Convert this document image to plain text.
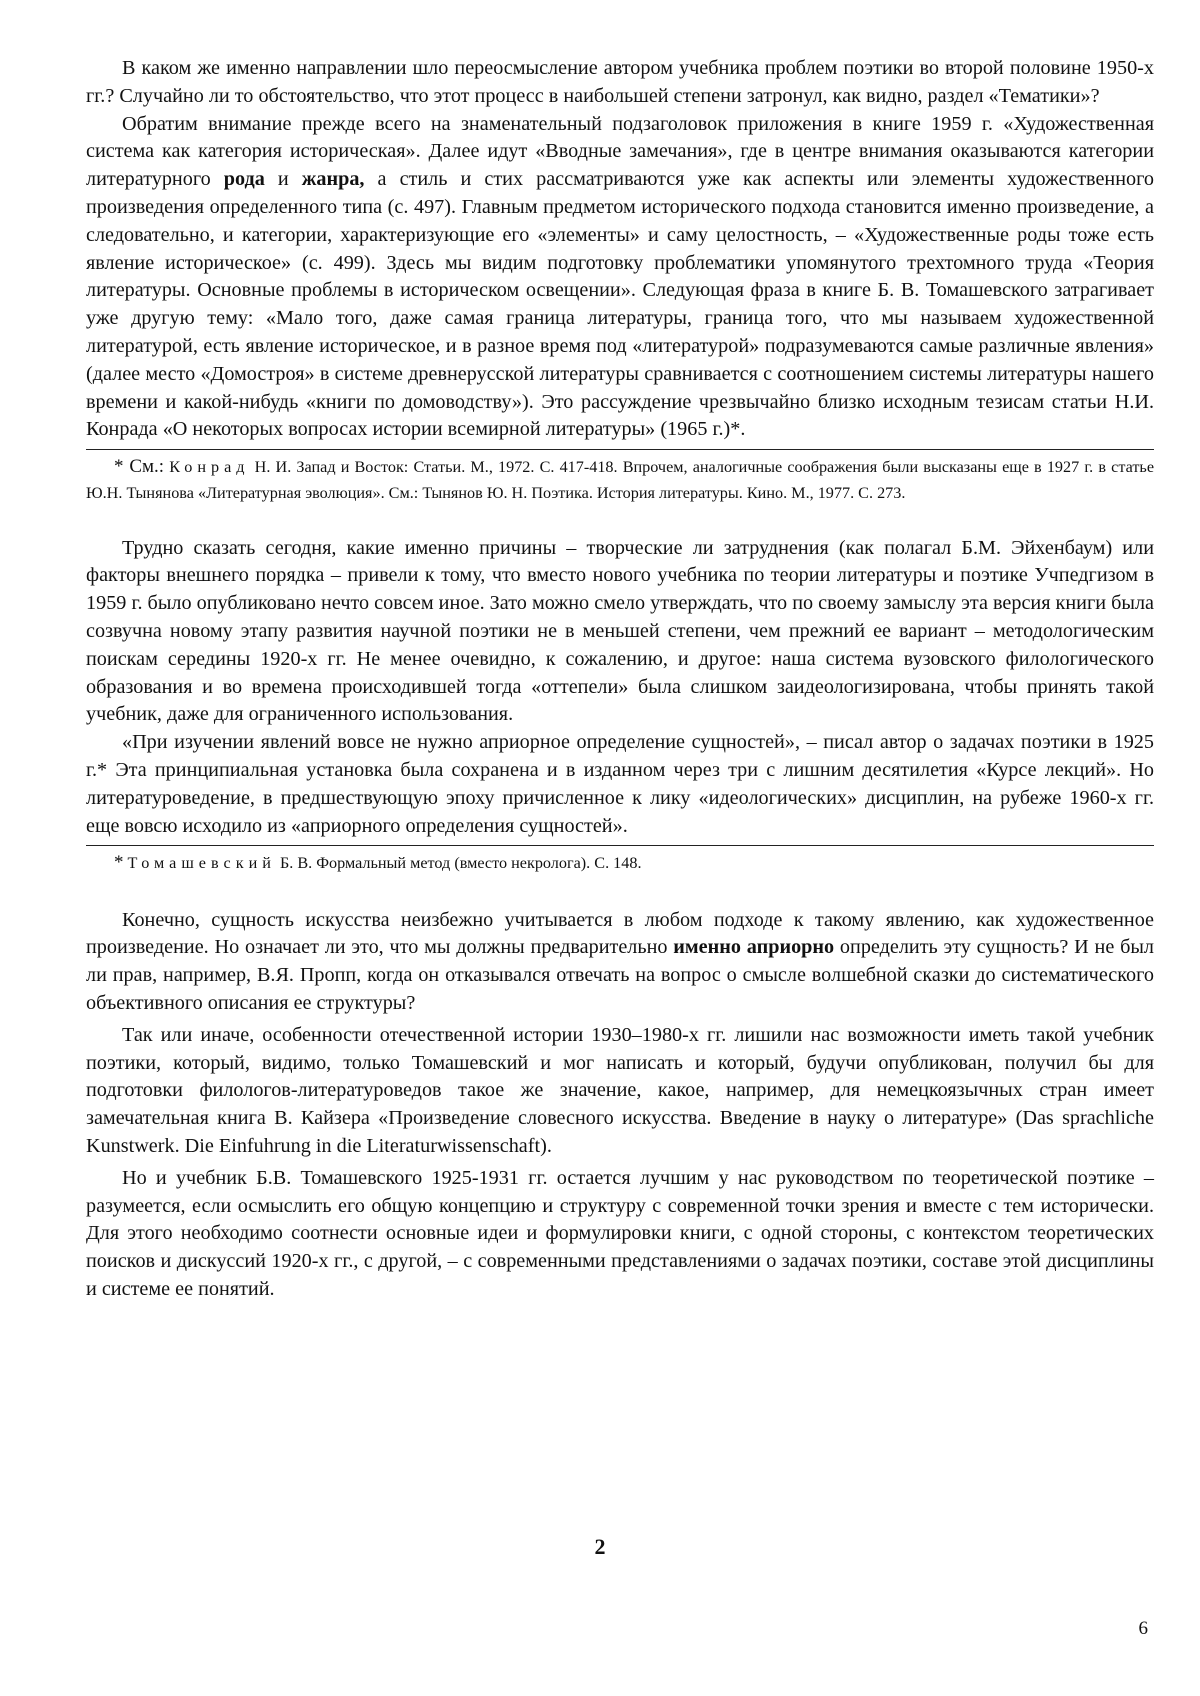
В каком же именно направлении шло переосмысление автором учебника проблем поэтики во второй половине 1950-х гг.? Случайно ли то обстоятельство, что этот процесс в наибольшей степени затронул, как видно, раздел «Тематики»?

Обратим внимание прежде всего на знаменательный подзаголовок приложения в книге 1959 г. «Художественная система как категория историческая». Далее идут «Вводные замечания», где в центре внимания оказываются категории литературного рода и жанра, а стиль и стих рассматриваются уже как аспекты или элементы художественного произведения определенного типа (с. 497). Главным предметом исторического подхода становится именно произведение, а следовательно, и категории, характеризующие его «элементы» и саму целостность, – «Художественные роды тоже есть явление историческое» (с. 499). Здесь мы видим подготовку проблематики упомянутого трехтомного труда «Теория литературы. Основные проблемы в историческом освещении». Следующая фраза в книге Б. В. Томашевского затрагивает уже другую тему: «Мало того, даже самая граница литературы, граница того, что мы называем художественной литературой, есть явление историческое, и в разное время под «литературой» подразумеваются самые различные явления» (далее место «Домостроя» в системе древнерусской литературы сравнивается с соотношением системы литературы нашего времени и какой-нибудь «книги по домоводству»). Это рассуждение чрезвычайно близко исходным тезисам статьи Н.И. Конрада «О некоторых вопросах истории всемирной литературы» (1965 г.)*.

* См.: Конрад Н. И. Запад и Восток: Статьи. М., 1972. С. 417-418. Впрочем, аналогичные соображения были высказаны еще в 1927 г. в статье Ю.Н. Тынянова «Литературная эволюция». См.: Тынянов Ю. Н. Поэтика. История литературы. Кино. М., 1977. С. 273.

Трудно сказать сегодня, какие именно причины – творческие ли затруднения (как полагал Б.М. Эйхенбаум) или факторы внешнего порядка – привели к тому, что вместо нового учебника по теории литературы и поэтике Учпедгизом в 1959 г. было опубликовано нечто совсем иное. Зато можно смело утверждать, что по своему замыслу эта версия книги была созвучна новому этапу развития научной поэтики не в меньшей степени, чем прежний ее вариант – методологическим поискам середины 1920-х гг. Не менее очевидно, к сожалению, и другое: наша система вузовского филологического образования и во времена происходившей тогда «оттепели» была слишком заидеологизирована, чтобы принять такой учебник, даже для ограниченного использования.

«При изучении явлений вовсе не нужно априорное определение сущностей», – писал автор о задачах поэтики в 1925 г.* Эта принципиальная установка была сохранена и в изданном через три с лишним десятилетия «Курсе лекций». Но литературоведение, в предшествующую эпоху причисленное к лику «идеологических» дисциплин, на рубеже 1960-х гг. еще вовсю исходило из «априорного определения сущностей».

* Томашевский Б. В. Формальный метод (вместо некролога). С. 148.

Конечно, сущность искусства неизбежно учитывается в любом подходе к такому явлению, как художественное произведение. Но означает ли это, что мы должны предварительно именно априорно определить эту сущность? И не был ли прав, например, В.Я. Пропп, когда он отказывался отвечать на вопрос о смысле волшебной сказки до систематического объективного описания ее структуры?

Так или иначе, особенности отечественной истории 1930–1980-х гг. лишили нас возможности иметь такой учебник поэтики, который, видимо, только Томашевский и мог написать и который, будучи опубликован, получил бы для подготовки филологов-литературоведов такое же значение, какое, например, для немецкоязычных стран имеет замечательная книга В. Кайзера «Произведение словесного искусства. Введение в науку о литературе» (Das sprachliche Kunstwerk. Die Einfuhrung in die Literaturwissenschaft).

Но и учебник Б.В. Томашевского 1925-1931 гг. остается лучшим у нас руководством по теоретической поэтике – разумеется, если осмыслить его общую концепцию и структуру с современной точки зрения и вместе с тем исторически. Для этого необходимо соотнести основные идеи и формулировки книги, с одной стороны, с контекстом теоретических поисков и дискуссий 1920-х гг., с другой, – с современными представлениями о задачах поэтики, составе этой дисциплины и системе ее понятий.

2
6
